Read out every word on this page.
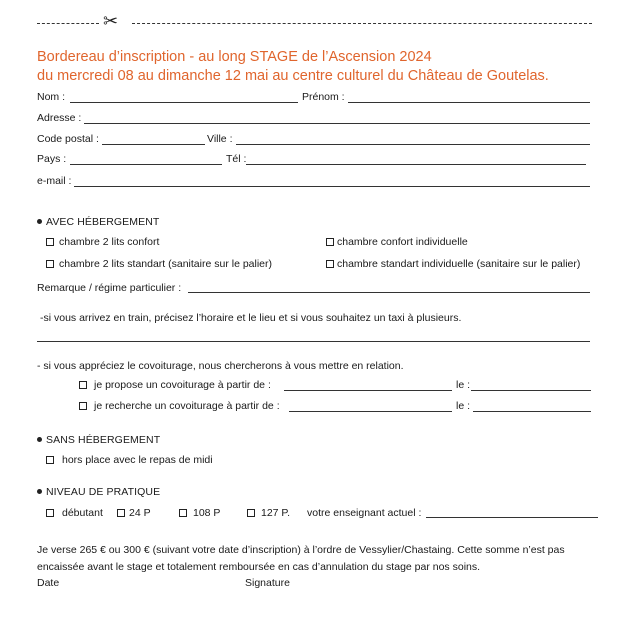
✂
Bordereau d’inscription - au long STAGE de l’Ascension 2024
du mercredi 08 au dimanche 12 mai au centre culturel du Château de Goutelas.
Nom :	Prénom :
Adresse :
Code postal :	Ville :
Pays :	Tél :
e-mail :
AVEC HÉBERGEMENT
chambre 2 lits confort	chambre confort individuelle
chambre 2 lits standart (sanitaire sur le palier)	chambre standart individuelle (sanitaire sur le palier)
Remarque / régime particulier :
-si vous arrivez en train, précisez l’horaire et le lieu et si vous souhaitez un taxi à plusieurs.
- si vous appréciez le covoiturage, nous chercherons à vous mettre en relation.
je propose un covoiturage à partir de :	le :
je recherche un covoiturage à partir de :	le :
SANS HÉBERGEMENT
hors place avec le repas de midi
NIVEAU DE PRATIQUE
débutant	24 P	108 P	127 P. votre enseignant actuel :
Je verse 265 € ou 300 € (suivant votre date d’inscription) à l’ordre de Vessylier/Chastaing. Cette somme n’est pas
encaissée avant le stage et totalement remboursée en cas d’annulation du stage par nos soins.
Date	Signature
